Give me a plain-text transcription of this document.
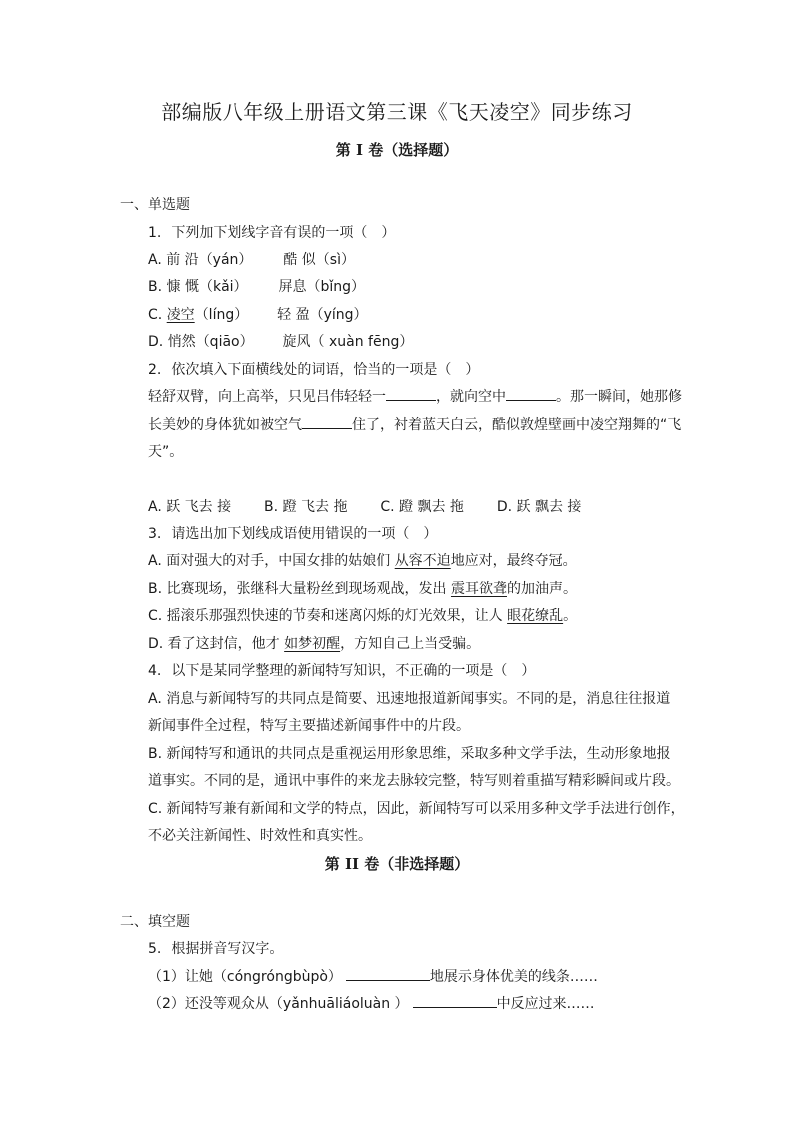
部编版八年级上册语文第三课《飞天凌空》同步练习
第 I 卷（选择题）
一、单选题
1. 下列加下划线字音有误的一项（　）
A. 前 沿（yán） 酷 似（sì）
B. 慷 慨（kǎi） 屏息（bǐng）
C. 凌空（líng） 轻 盈（yíng）
D. 悄然（qiāo） 旋风（ xuàn fēng）
2. 依次填入下面横线处的词语，恰当的一项是（　）
轻舒双臂，向上高举，只见吕伟轻轻一	，就向空中	。那一瞬间，她那修
长美妙的身体犹如被空气	住了，衬着蓝天白云，酷似敦煌壁画中凌空翔舞的“飞
天”。
A. 跃 飞去 接 B. 蹬 飞去 拖 C. 蹬 飘去 拖 D. 跃 飘去 接
3. 请选出加下划线成语使用错误的一项（　）
A. 面对强大的对手，中国女排的姑娘们 从容不迫地应对，最终夺冠。
B. 比赛现场，张继科大量粉丝到现场观战，发出 震耳欲聋的加油声。
C. 摇滚乐那强烈快速的节奏和迷离闪烁的灯光效果，让人 眼花缭乱。
D. 看了这封信，他才 如梦初醒，方知自己上当受骗。
4. 以下是某同学整理的新闻特写知识，不正确的一项是（　）
A. 消息与新闻特写的共同点是简要、迅速地报道新闻事实。不同的是，消息往往报道
新闻事件全过程，特写主要描述新闻事件中的片段。
B. 新闻特写和通讯的共同点是重视运用形象思维，采取多种文学手法，生动形象地报
道事实。不同的是，通讯中事件的来龙去脉较完整，特写则着重描写精彩瞬间或片段。
C. 新闻特写兼有新闻和文学的特点，因此，新闻特写可以采用多种文学手法进行创作，
不必关注新闻性、时效性和真实性。
第 II 卷（非选择题）
二、填空题
5. 根据拼音写汉字。
（1）让她（cóngróngbùpò）	地展示身体优美的线条……
（2）还没等观众从（yǎnhuāliáoluàn ）	中反应过来……
